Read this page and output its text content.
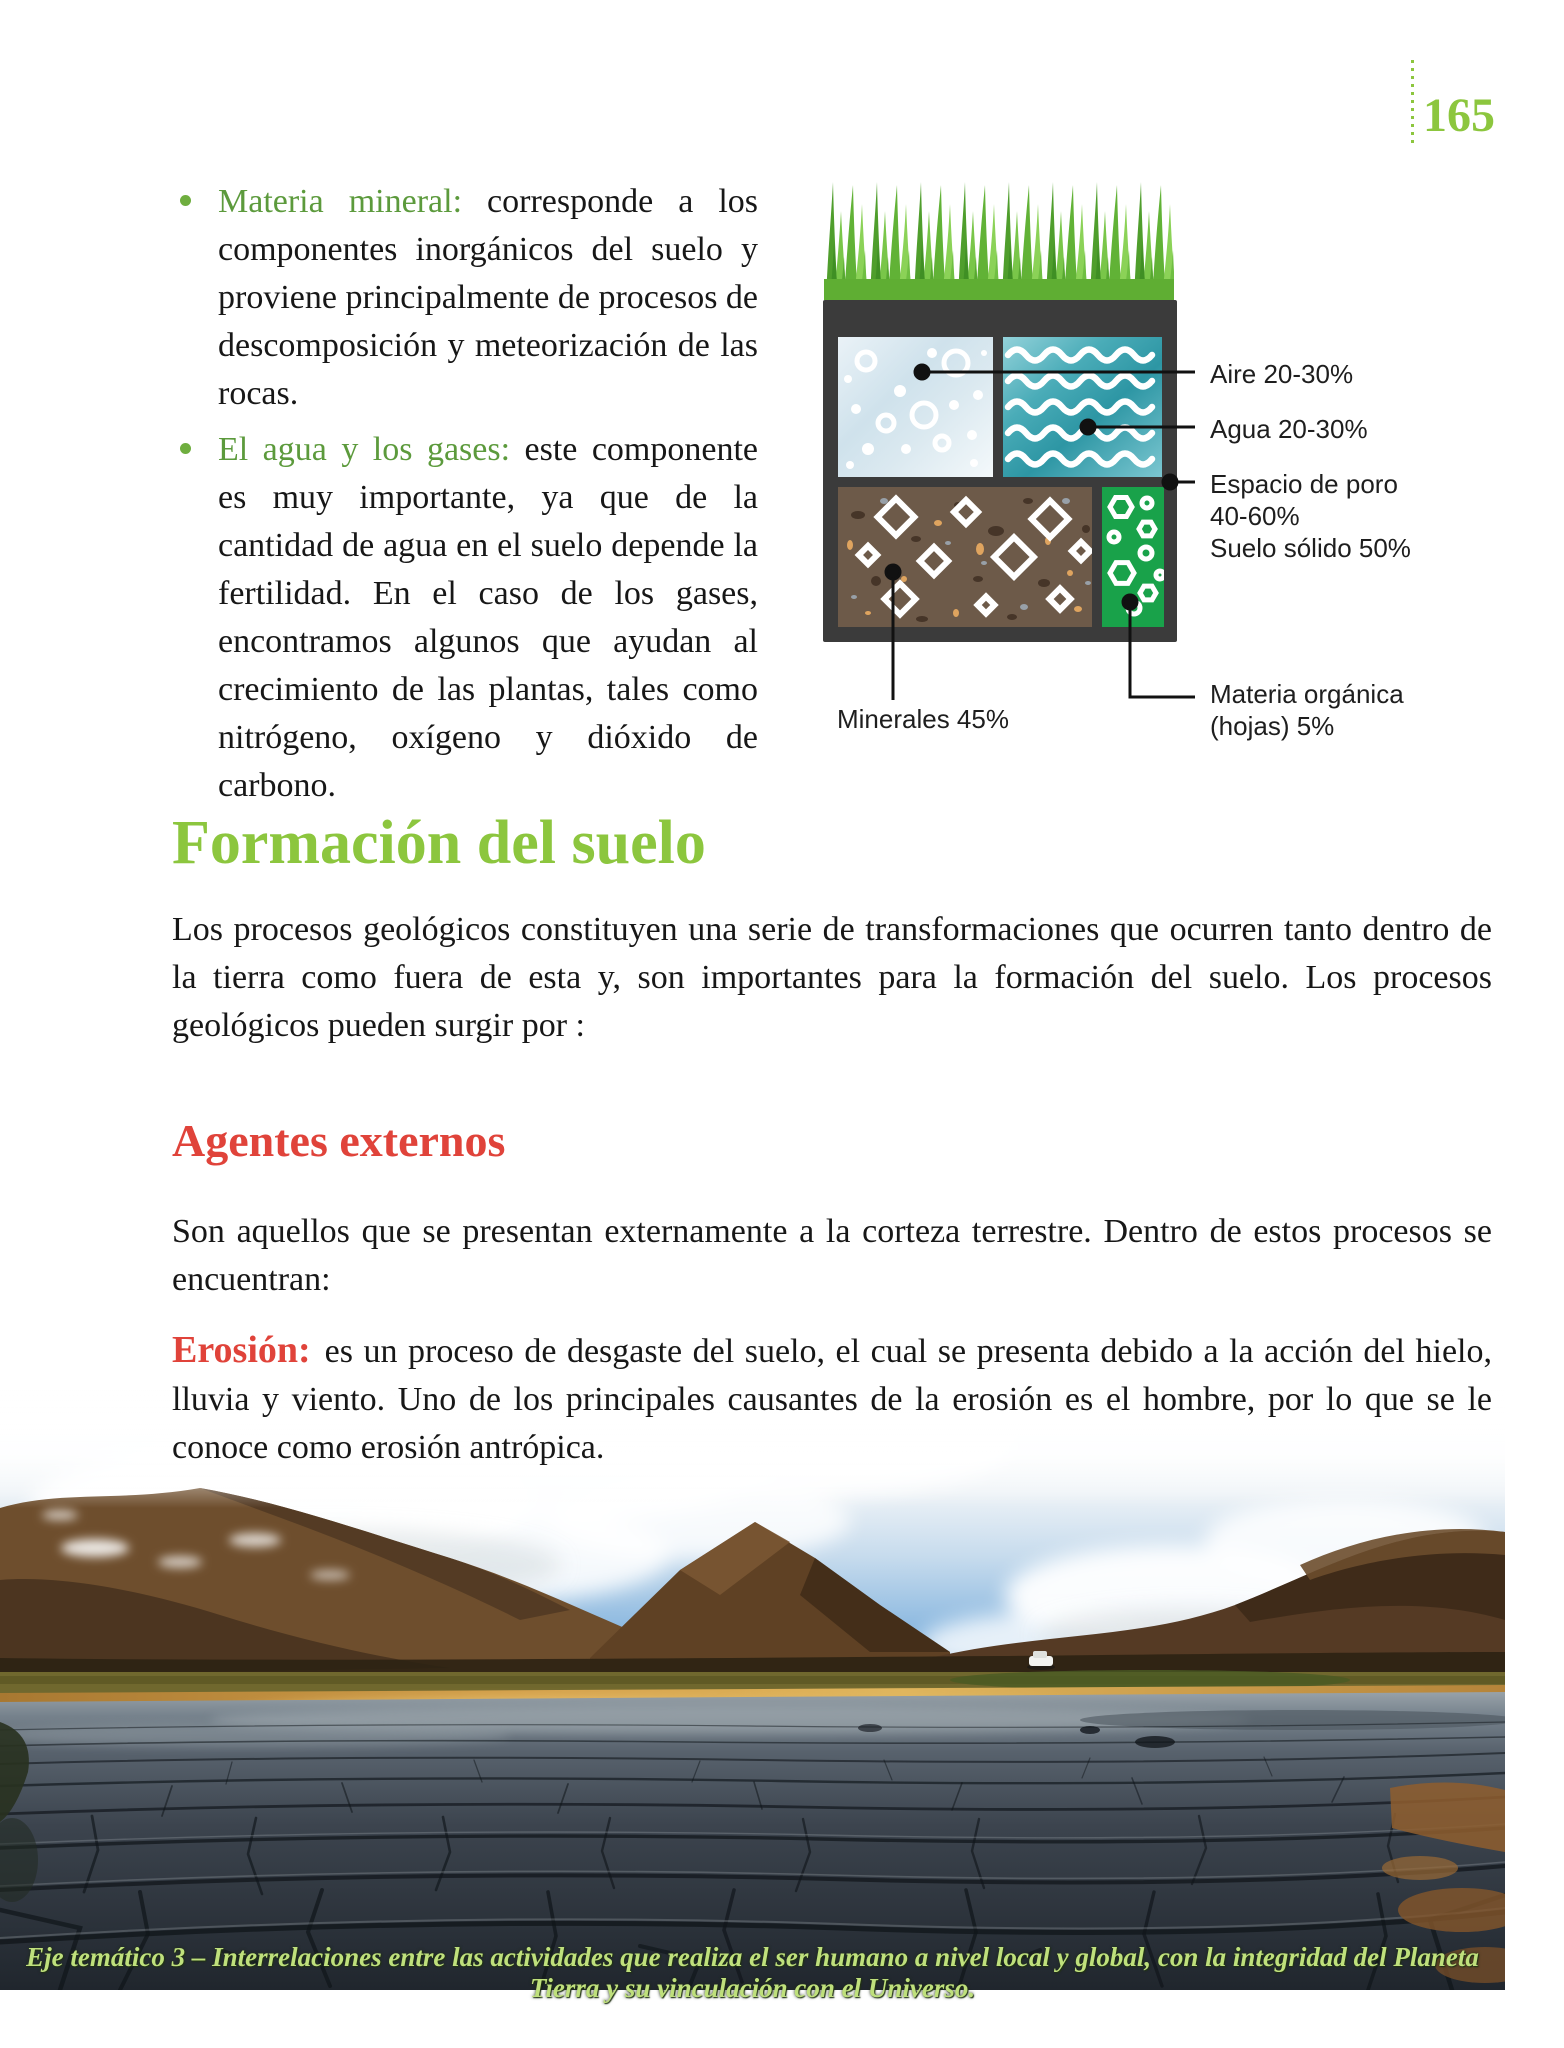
165
Materia mineral: corresponde a los componentes inorgánicos del suelo y proviene principalmente de procesos de descomposición y meteorización de las rocas.
El agua y los gases: este componente es muy importante, ya que de la cantidad de agua en el suelo depende la fertilidad. En el caso de los gases, encontramos algunos que ayudan al crecimiento de las plantas, tales como nitrógeno, oxígeno y dióxido de carbono.
Aire 20-30%
Agua 20-30%
Espacio de poro
40-60%
Suelo sólido 50%
Materia orgánica
(hojas) 5%
Minerales 45%
Formación del suelo
Los procesos geológicos constituyen una serie de transformaciones que ocurren tanto dentro de la tierra como fuera de esta y, son importantes para la formación del suelo. Los procesos geológicos pueden surgir por :
Agentes externos
Son aquellos que se presentan externamente a la corteza terrestre. Dentro de estos procesos se encuentran:
Erosión: es un proceso de desgaste del suelo, el cual se presenta debido a la acción del hielo, lluvia y viento. Uno de los principales causantes de la erosión es el hombre, por lo que se le conoce como erosión antrópica.
Eje temático 3 – Interrelaciones entre las actividades que realiza el ser humano a nivel local y global, con la integridad del Planeta Tierra y su vinculación con el Universo.
